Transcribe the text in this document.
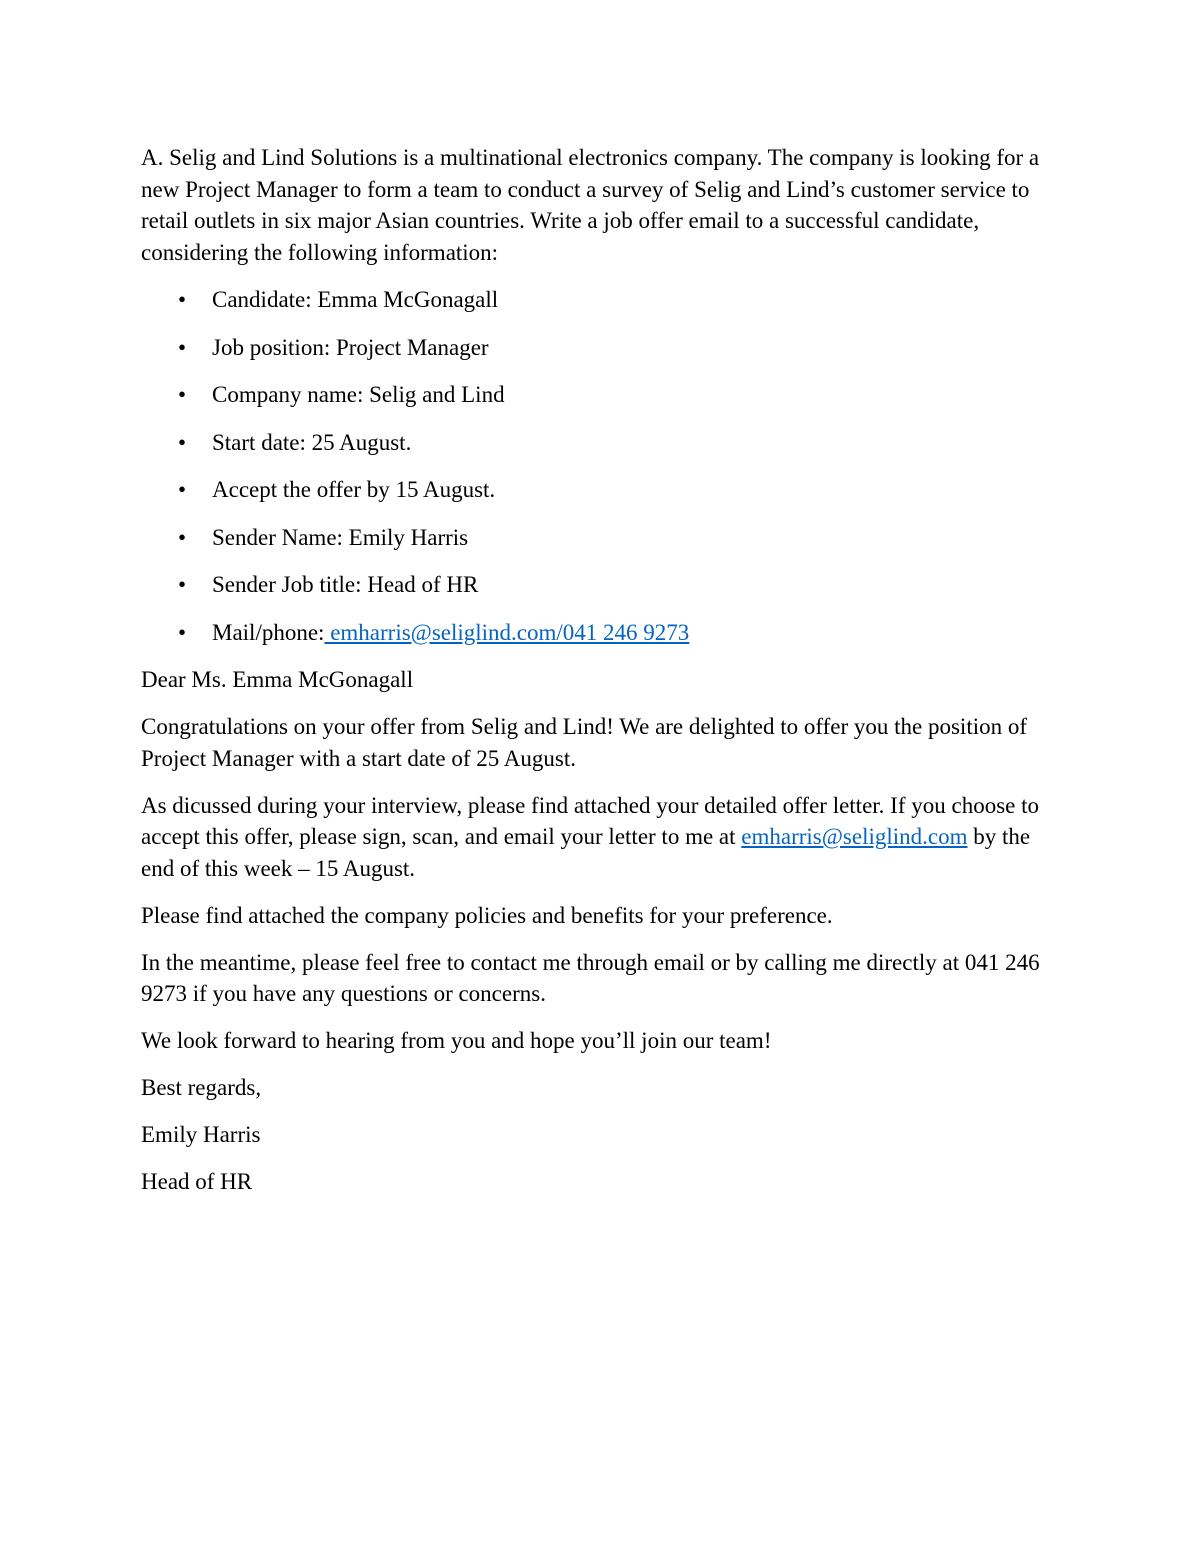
A. Selig and Lind Solutions is a multinational electronics company. The company is looking for a new Project Manager to form a team to conduct a survey of Selig and Lind’s customer service to retail outlets in six major Asian countries. Write a job offer email to a successful candidate, considering the following information:

• Candidate: Emma McGonagall
• Job position: Project Manager
• Company name: Selig and Lind
• Start date: 25 August.
• Accept the offer by 15 August.
• Sender Name: Emily Harris
• Sender Job title: Head of HR
• Mail/phone: emharris@seliglind.com/041 246 9273

Dear Ms. Emma McGonagall

Congratulations on your offer from Selig and Lind! We are delighted to offer you the position of Project Manager with a start date of 25 August.

As dicussed during your interview, please find attached your detailed offer letter. If you choose to accept this offer, please sign, scan, and email your letter to me at emharris@seliglind.com by the end of this week – 15 August.

Please find attached the company policies and benefits for your preference.

In the meantime, please feel free to contact me through email or by calling me directly at 041 246 9273 if you have any questions or concerns.

We look forward to hearing from you and hope you’ll join our team!

Best regards,

Emily Harris

Head of HR
